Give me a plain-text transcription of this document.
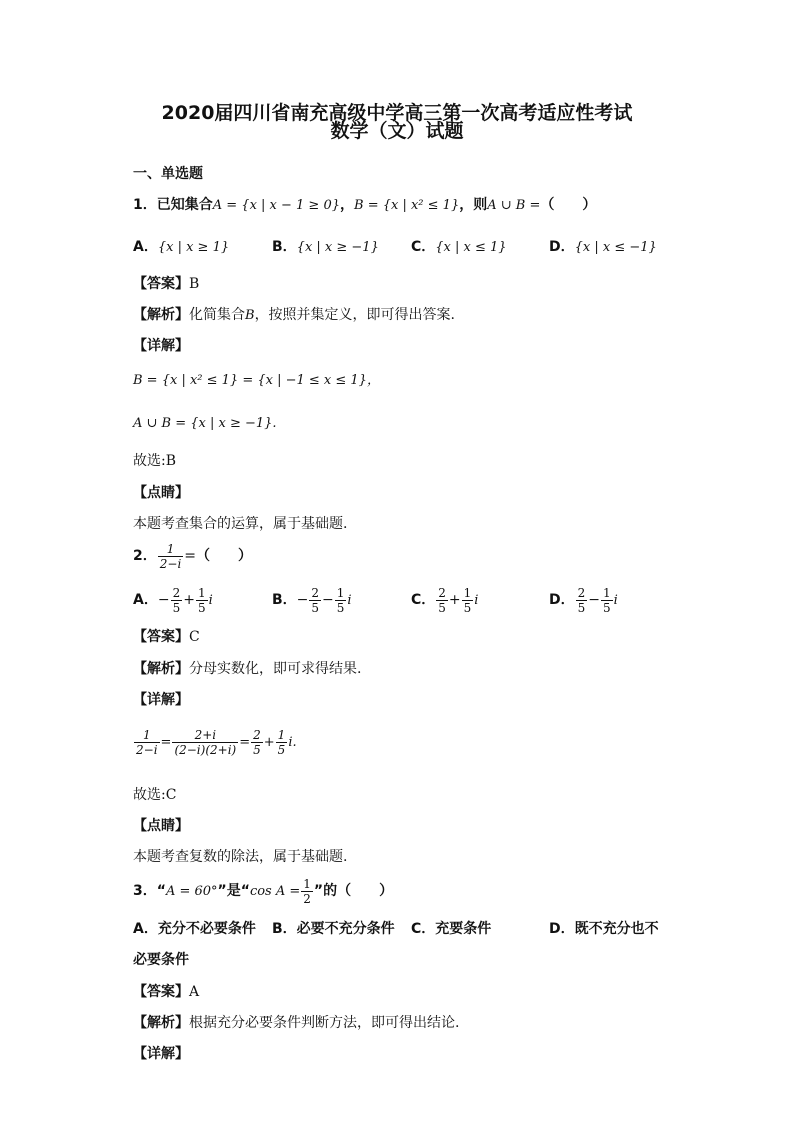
2020届四川省南充高级中学高三第一次高考适应性考试
数学（文）试题
一、单选题
1．已知集合A = {x | x − 1 ≥ 0}，B = {x | x² ≤ 1}，则A ∪ B =（　　）
A．{x | x ≥ 1}	B．{x | x ≥ −1} C．{x | x ≤ 1}	D．{x | x ≤ −1}
【答案】B
【解析】化简集合B，按照并集定义，即可得出答案.
【详解】
B = {x | x² ≤ 1} = {x | −1 ≤ x ≤ 1}，
A ∪ B = {x | x ≥ −1}.
故选:B
【点睛】
本题考查集合的运算，属于基础题.
2． $\frac{1}{2-i}$ =（　　）
A．− $\frac{2}{5} + \frac{1}{5}$ i	B．− $\frac{2}{5} - \frac{1}{5}$ i	C． $\frac{2}{5} + \frac{1}{5}$ i	D． $\frac{2}{5} - \frac{1}{5}$ i
【答案】C
【解析】分母实数化，即可求得结果.
【详解】
$\frac{1}{2-i} = \frac{2+i}{(2-i)(2+i)} = \frac{2}{5} + \frac{1}{5} i$.
故选:C
【点睛】
本题考查复数的除法，属于基础题.
3．“A = 60°”是“cos $A = \frac{1}{2}$ ”的（　　）
A．充分不必要条件 B．必要不充分条件 C．充要条件	D．既不充分也不
必要条件
【答案】A
【解析】根据充分必要条件判断方法，即可得出结论.
【详解】
